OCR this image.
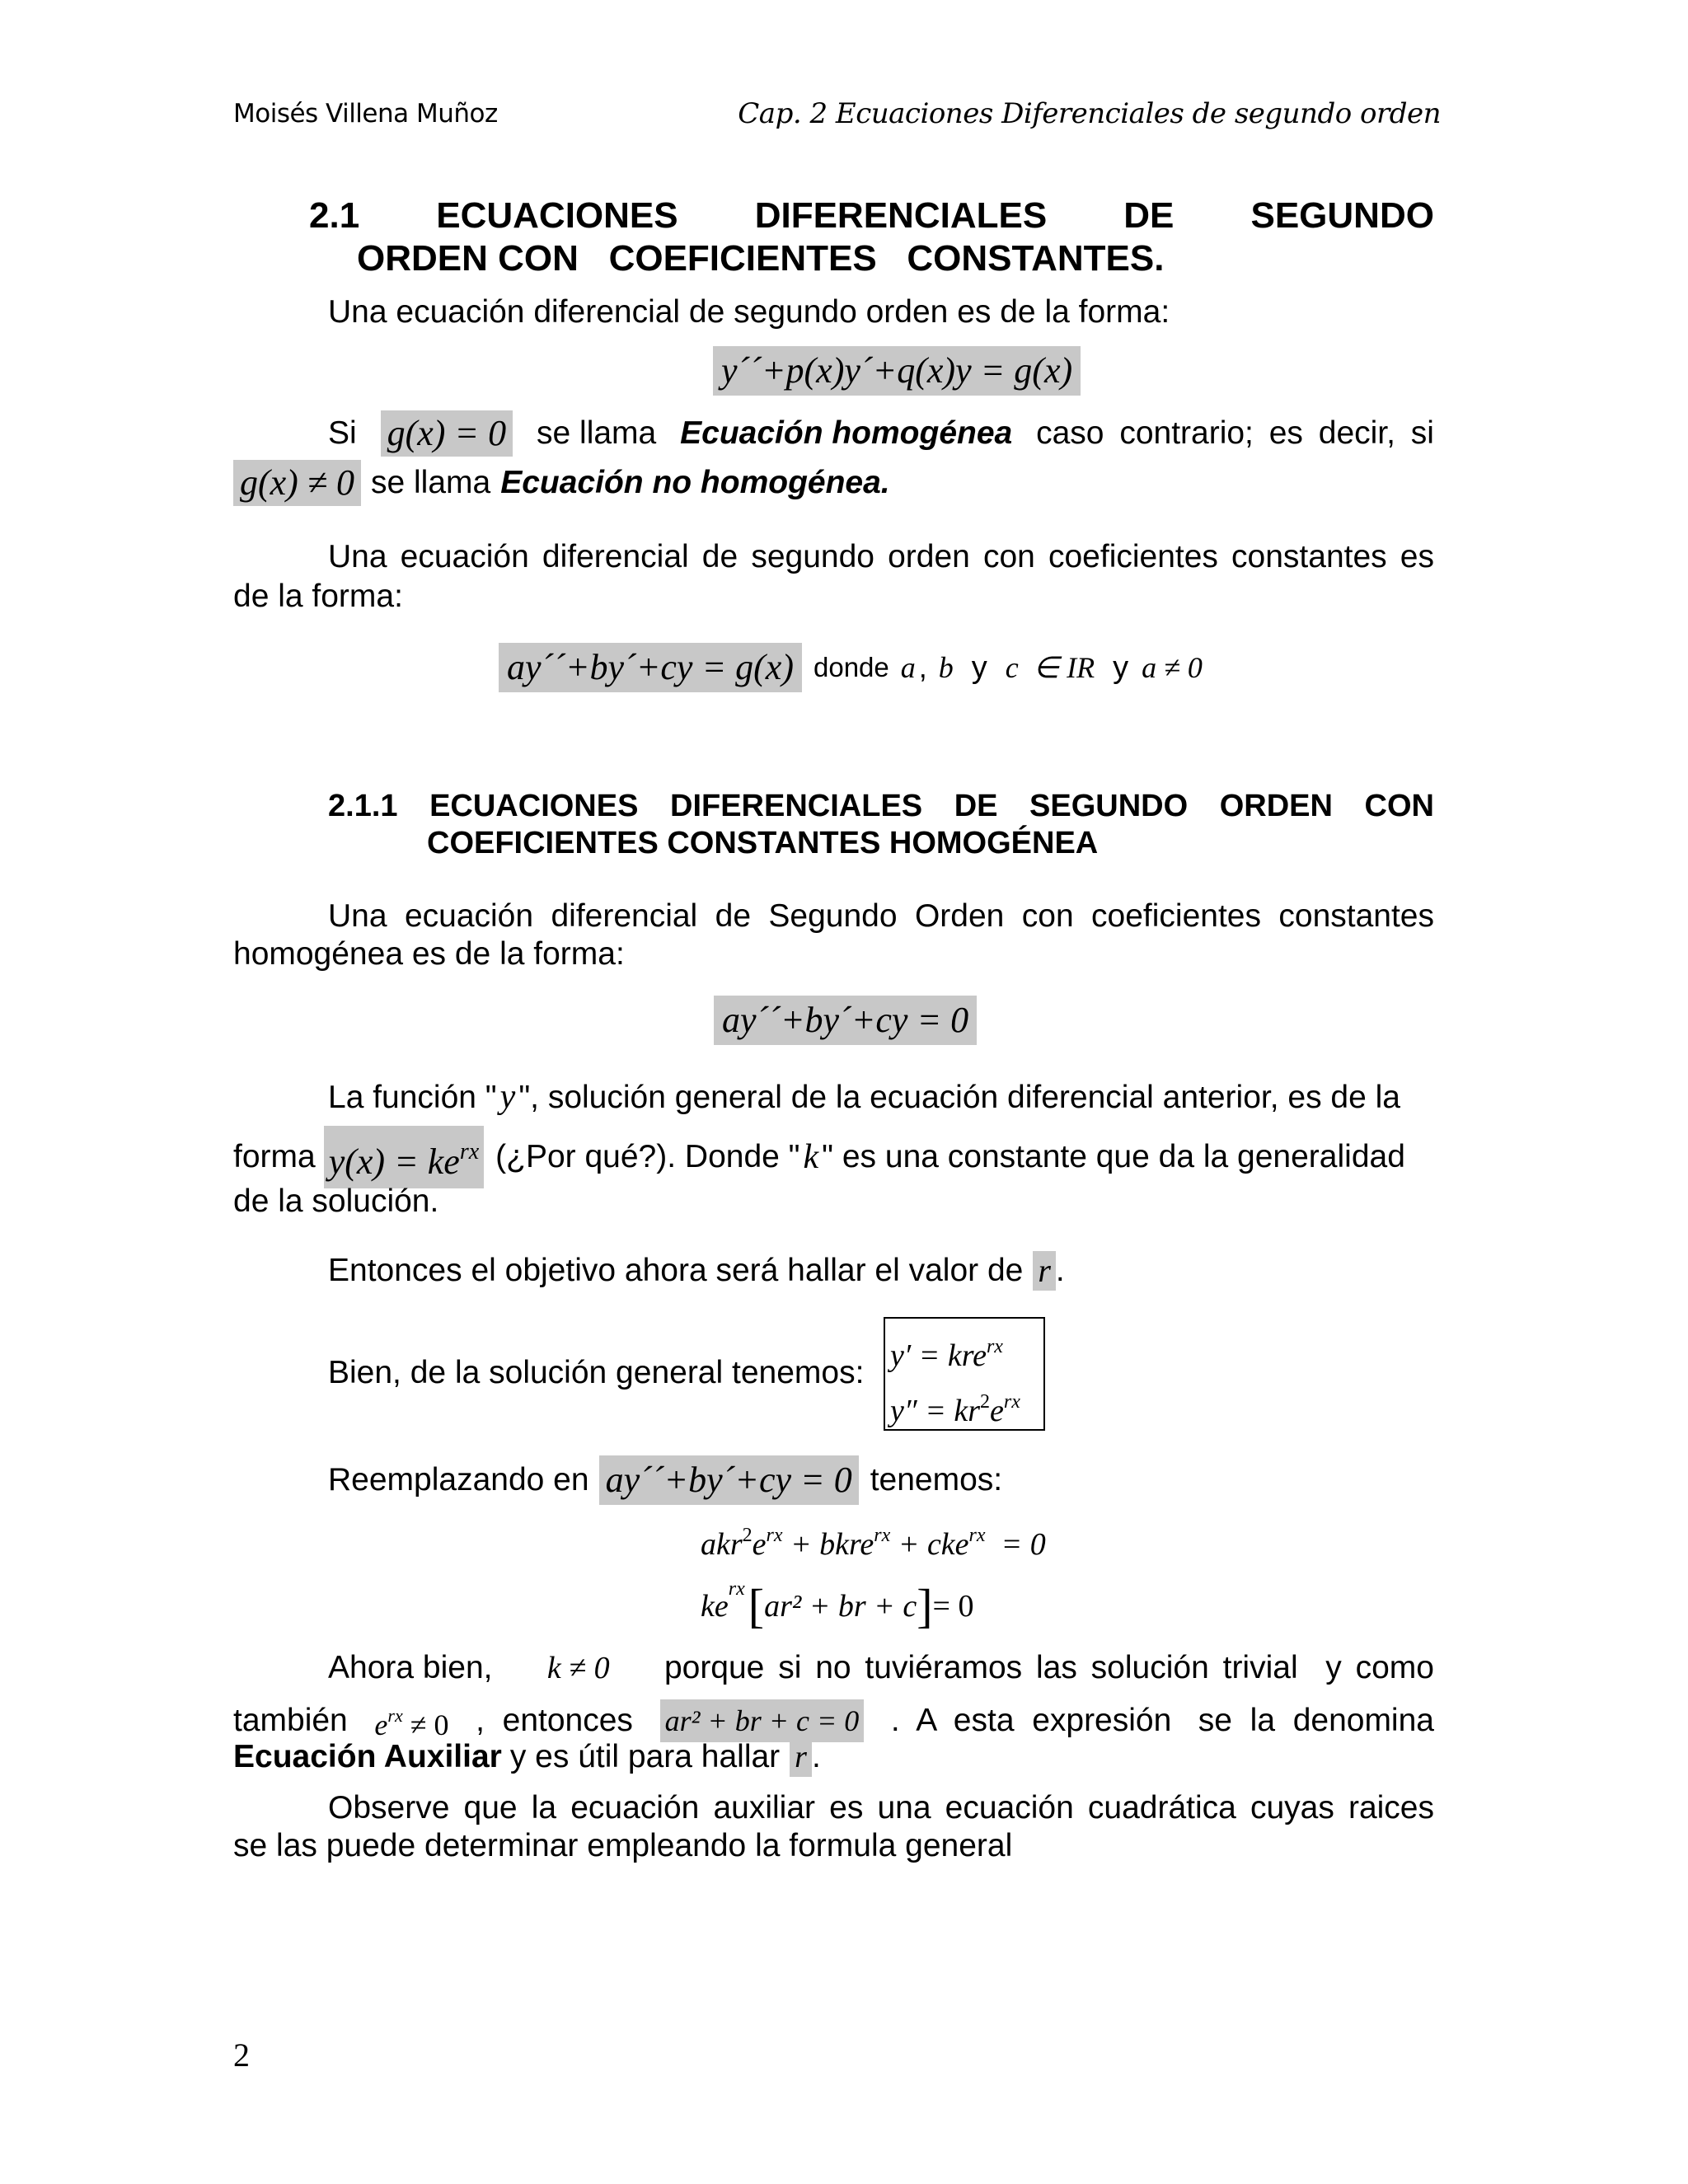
Moisés Villena Muñoz	Cap. 2 Ecuaciones Diferenciales de segundo orden
2.1 ECUACIONES DIFERENCIALES DE SEGUNDO
ORDEN CON   COEFICIENTES   CONSTANTES.
Una ecuación diferencial de segundo orden es de la forma:
y´´+p(x)y´+q(x)y = g(x)
Si g(x) = 0 se llama Ecuación homogénea caso contrario; es decir, si
g(x) ≠ 0 se llama Ecuación no homogénea.
Una ecuación diferencial de segundo orden con coeficientes constantes es
de la forma:
ay´´+by´+cy = g(x) donde a , b y c ∈ IR y a ≠ 0
2.1.1 ECUACIONES DIFERENCIALES DE SEGUNDO ORDEN CON
COEFICIENTES CONSTANTES HOMOGÉNEA
Una ecuación diferencial de Segundo Orden con coeficientes constantes
homogénea es de la forma:
ay´´+by´+cy = 0
La función "y ", solución general de la ecuación diferencial anterior, es de la
forma $y(x) = ke^{rx}$ (¿Por qué?). Donde " k " es una constante que da la generalidad
de la solución.
Entonces el objetivo ahora será hallar el valor de r .
Bien, de la solución general tenemos: y′ = kre$^{rx}$
$y'' = kr^2e^{rx}$
Reemplazando en ay´´+by´+cy = 0 tenemos:
$akr^2e^{rx}$ + bkre$^{rx}$ + cke$^{rx}$  = 0
$ke^{rx}$ [ ar² + br + c ] = 0
Ahora bien, k ≠ 0 porque si no tuviéramos las solución trivial  y como
también $e^{rx} \ne 0$ ,  entonces ar² + br + c = 0 .  A  esta  expresión   se  la  denomina
Ecuación Auxiliar y es útil para hallar r .
Observe que la ecuación auxiliar es una ecuación cuadrática cuyas raices
se las puede determinar empleando la formula general
2
